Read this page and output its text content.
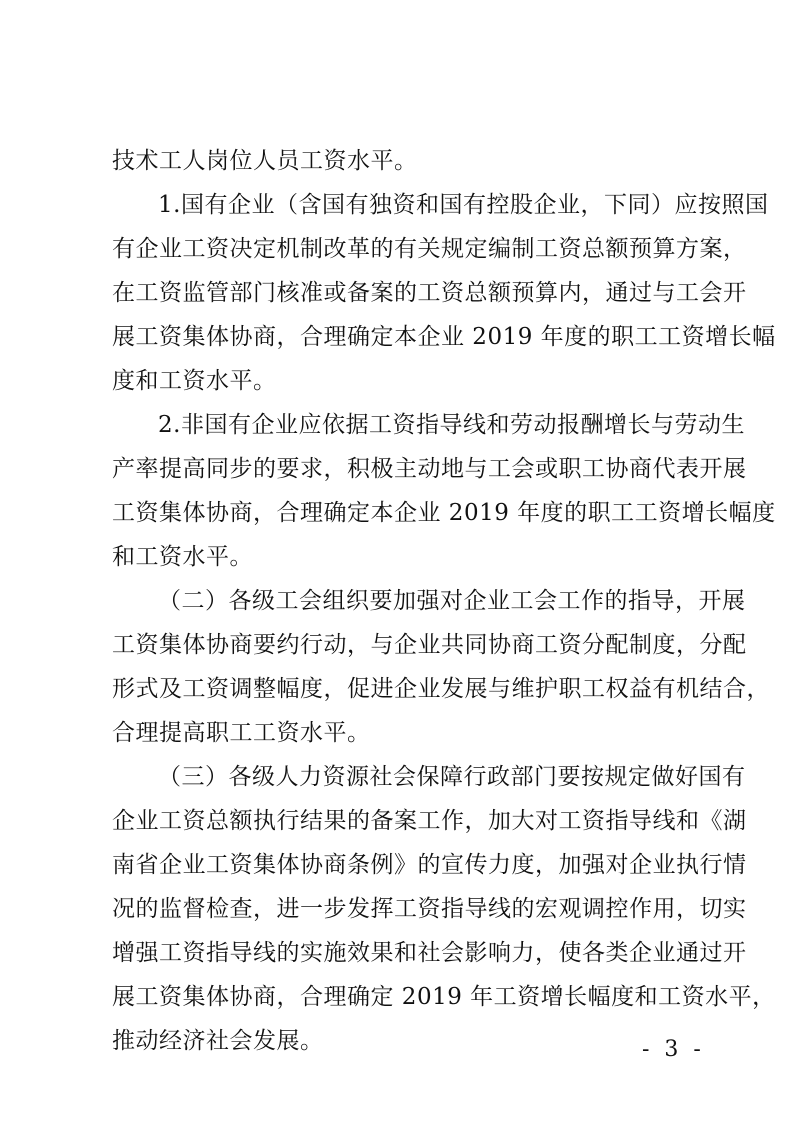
技术工人岗位人员工资水平。
1.国有企业（含国有独资和国有控股企业，下同）应按照国
有企业工资决定机制改革的有关规定编制工资总额预算方案，
在工资监管部门核准或备案的工资总额预算内，通过与工会开
展工资集体协商，合理确定本企业 2019 年度的职工工资增长幅
度和工资水平。
2.非国有企业应依据工资指导线和劳动报酬增长与劳动生
产率提高同步的要求，积极主动地与工会或职工协商代表开展
工资集体协商，合理确定本企业 2019 年度的职工工资增长幅度
和工资水平。
（二）各级工会组织要加强对企业工会工作的指导，开展
工资集体协商要约行动，与企业共同协商工资分配制度，分配
形式及工资调整幅度，促进企业发展与维护职工权益有机结合，
合理提高职工工资水平。
（三）各级人力资源社会保障行政部门要按规定做好国有
企业工资总额执行结果的备案工作，加大对工资指导线和《湖
南省企业工资集体协商条例》的宣传力度，加强对企业执行情
况的监督检查，进一步发挥工资指导线的宏观调控作用，切实
增强工资指导线的实施效果和社会影响力，使各类企业通过开
展工资集体协商，合理确定 2019 年工资增长幅度和工资水平，
推动经济社会发展。	- 3 -
